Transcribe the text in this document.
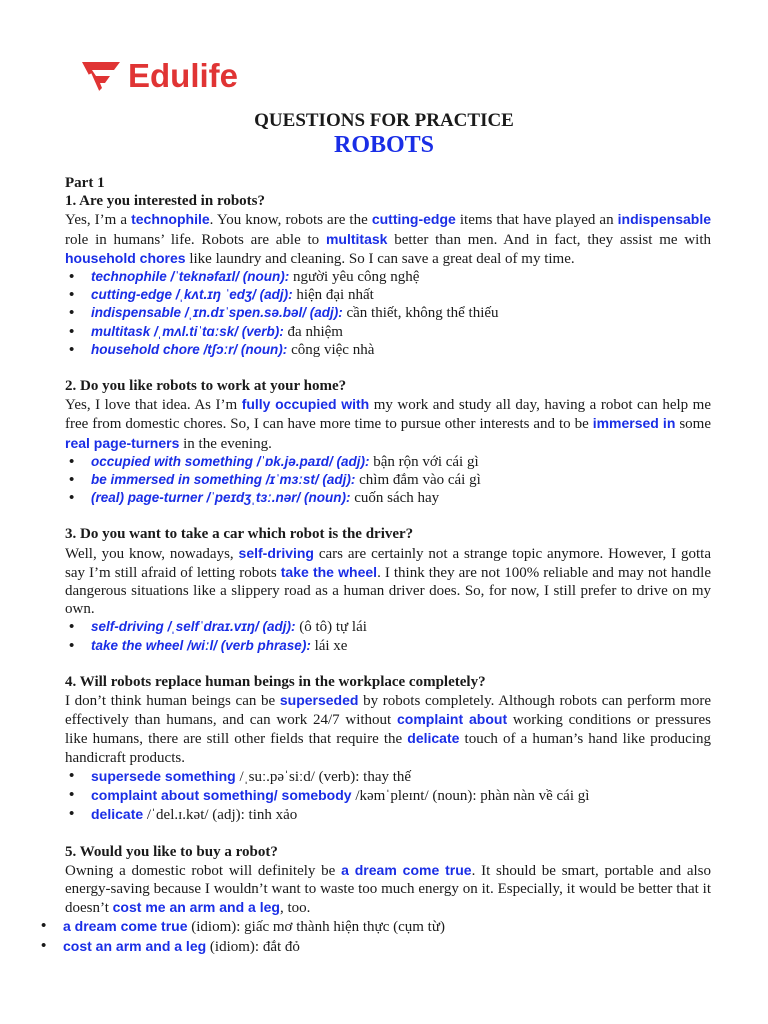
Edulife
QUESTIONS FOR PRACTICE
ROBOTS
Part 1
1. Are you interested in robots?
Yes, I’m a technophile. You know, robots are the cutting-edge items that have played an indispensable role in humans’ life. Robots are able to multitask better than men. And in fact, they assist me with household chores like laundry and cleaning. So I can save a great deal of my time.
• technophile /ˈteknəfaɪl/ (noun): người yêu công nghệ
• cutting-edge /ˌkʌt.ɪŋ ˈedʒ/ (adj): hiện đại nhất
• indispensable /ˌɪn.dɪˈspen.sə.bəl/ (adj): cần thiết, không thể thiếu
• multitask /ˌmʌl.tiˈtɑːsk/ (verb): đa nhiệm
• household chore /tʃɔːr/ (noun): công việc nhà
2. Do you like robots to work at your home?
Yes, I love that idea. As I’m fully occupied with my work and study all day, having a robot can help me free from domestic chores. So, I can have more time to pursue other interests and to be immersed in some real page-turners in the evening.
• occupied with something /ˈɒk.jə.paɪd/ (adj): bận rộn với cái gì
• be immersed in something /ɪˈmɜːst/ (adj): chìm đắm vào cái gì
• (real) page-turner /ˈpeɪdʒˌtɜː.nər/ (noun): cuốn sách hay
3. Do you want to take a car which robot is the driver?
Well, you know, nowadays, self-driving cars are certainly not a strange topic anymore. However, I gotta say I’m still afraid of letting robots take the wheel. I think they are not 100% reliable and may not handle dangerous situations like a slippery road as a human driver does. So, for now, I still prefer to drive on my own.
• self-driving /ˌselfˈdraɪ.vɪŋ/ (adj): (ô tô) tự lái
• take the wheel /wiːl/ (verb phrase): lái xe
4. Will robots replace human beings in the workplace completely?
I don’t think human beings can be superseded by robots completely. Although robots can perform more effectively than humans, and can work 24/7 without complaint about working conditions or pressures like humans, there are still other fields that require the delicate touch of a human’s hand like producing handicraft products.
• supersede something /ˌsuː.pəˈsiːd/ (verb): thay thế
• complaint about something/ somebody /kəmˈpleɪnt/ (noun): phàn nàn về cái gì
• delicate /ˈdel.ɪ.kət/ (adj): tinh xảo
5. Would you like to buy a robot?
Owning a domestic robot will definitely be a dream come true. It should be smart, portable and also energy-saving because I wouldn’t want to waste too much energy on it. Especially, it would be better that it doesn’t cost me an arm and a leg, too.
• a dream come true (idiom): giấc mơ thành hiện thực (cụm từ)
• cost an arm and a leg (idiom): đắt đỏ
